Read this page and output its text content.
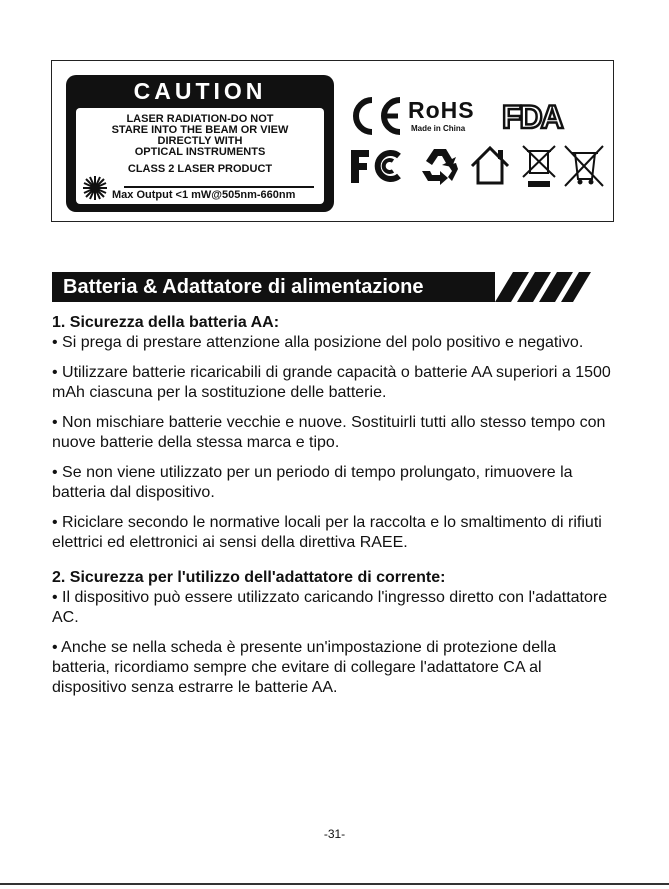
CAUTION
LASER RADIATION-DO NOT
STARE INTO THE BEAM OR VIEW
DIRECTLY WITH
OPTICAL INSTRUMENTS
CLASS 2 LASER PRODUCT
Max Output <1 mW@505nm-660nm
RoHS
Made in China FDA
Batteria & Adattatore di alimentazione

1. Sicurezza della batteria AA:

• Si prega di prestare attenzione alla posizione del polo positivo e negativo.

• Utilizzare batterie ricaricabili di grande capacità o batterie AA superiori a 1500 mAh ciascuna per la sostituzione delle batterie.

• Non mischiare batterie vecchie e nuove. Sostituirli tutti allo stesso tempo con nuove batterie della stessa marca e tipo.

• Se non viene utilizzato per un periodo di tempo prolungato, rimuovere la batteria dal dispositivo.

• Riciclare secondo le normative locali per la raccolta e lo smaltimento di rifiuti elettrici ed elettronici ai sensi della direttiva RAEE.

2. Sicurezza per l'utilizzo dell'adattatore di corrente:

• Il dispositivo può essere utilizzato caricando l'ingresso diretto con l'adattatore AC.

• Anche se nella scheda è presente un'impostazione di protezione della batteria, ricordiamo sempre che evitare di collegare l'adattatore CA al dispositivo senza estrarre le batterie AA.

-31-
